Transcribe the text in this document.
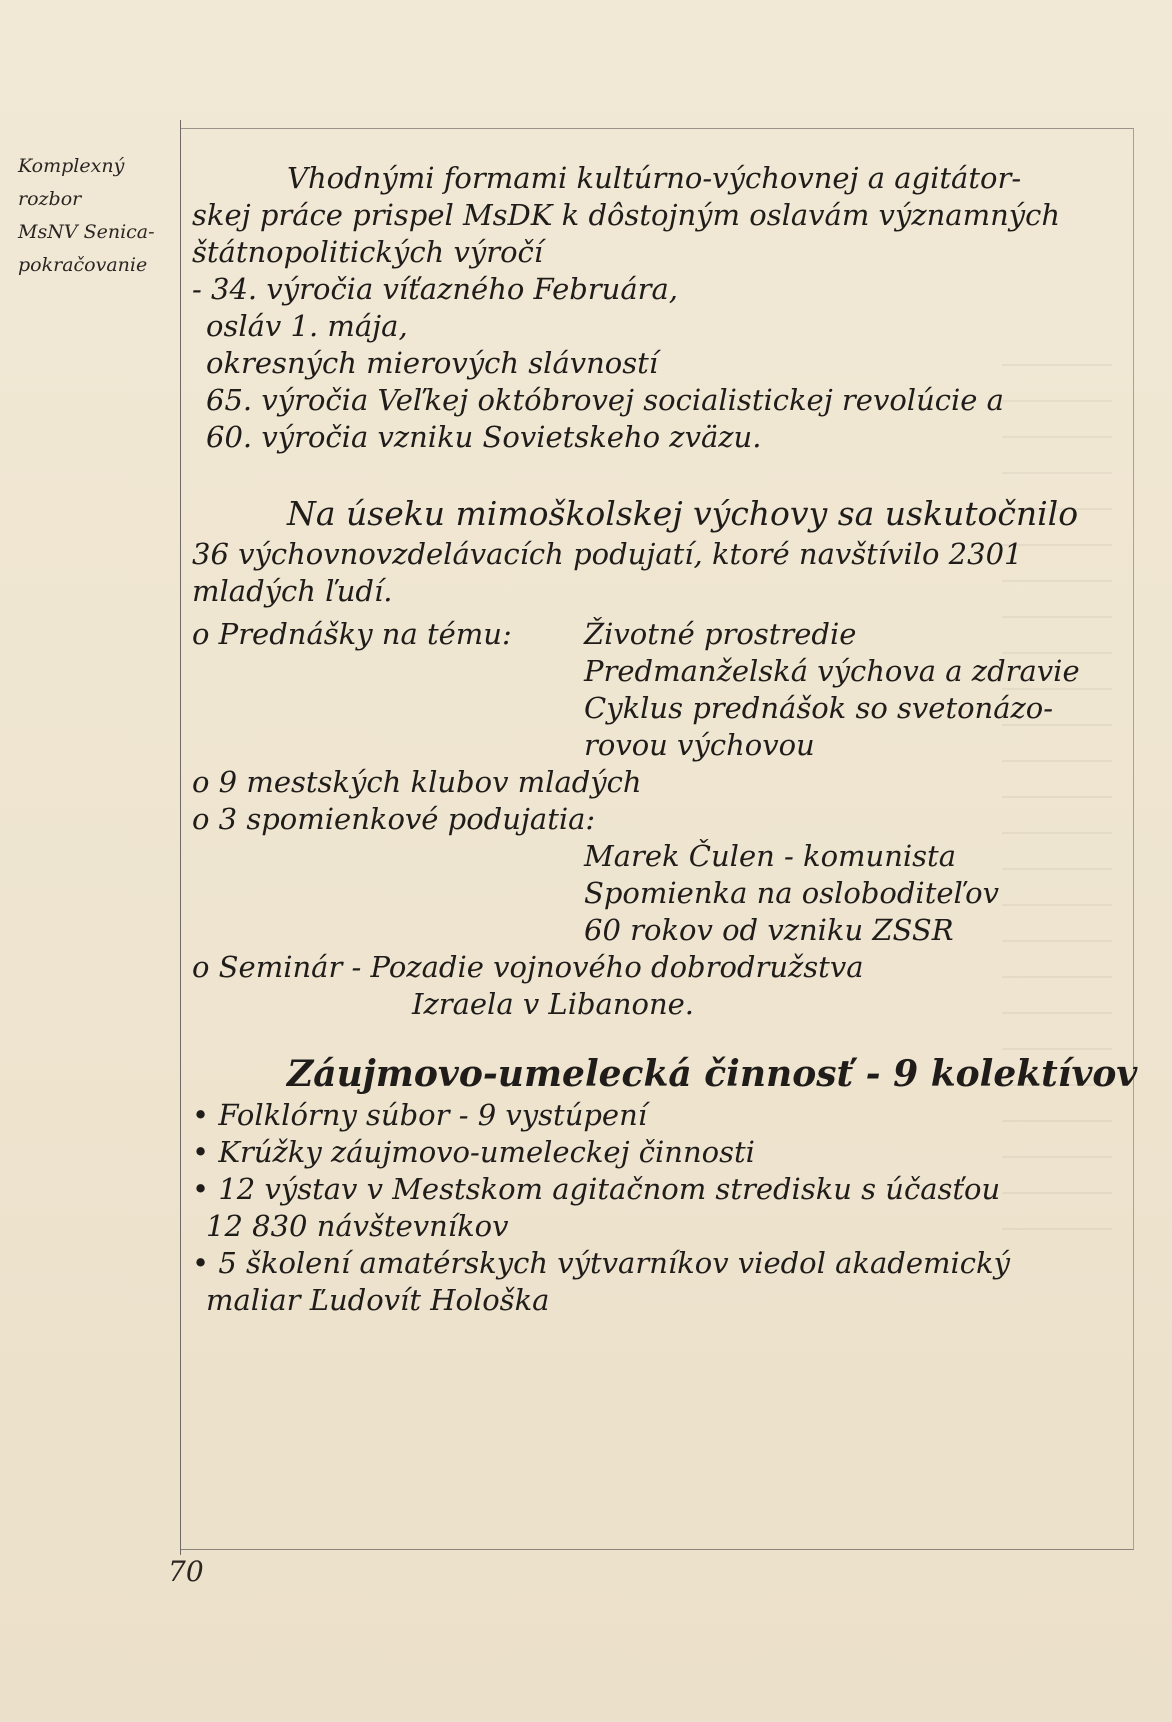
Komplexný
rozbor
MsNV Senica-
pokračovanie
Vhodnými formami kultúrno-výchovnej a agitátor-
skej práce prispel MsDK k dôstojným oslavám významných
štátnopolitických výročí
- 34. výročia víťazného Februára,
osláv 1. mája,
okresných mierových slávností
65. výročia Veľkej októbrovej socialistickej revolúcie a
60. výročia vzniku Sovietskeho zväzu.
Na úseku mimoškolskej výchovy sa uskutočnilo
36 výchovnovzdelávacích podujatí, ktoré navštívilo 2301
mladých ľudí.
o Prednášky na tému:	Životné prostredie
Predmanželská výchova a zdravie
Cyklus prednášok so svetonázo-
rovou výchovou
o 9 mestských klubov mladých
o 3 spomienkové podujatia:
Marek Čulen - komunista
Spomienka na osloboditeľov
60 rokov od vzniku ZSSR
o Seminár - Pozadie vojnového dobrodružstva
Izraela v Libanone.
Záujmovo-umelecká činnosť - 9 kolektívov
• Folklórny súbor - 9 vystúpení
• Krúžky záujmovo-umeleckej činnosti
• 12 výstav v Mestskom agitačnom stredisku s účasťou
12 830 návštevníkov
• 5 školení amatérskych výtvarníkov viedol akademický
maliar Ľudovít Hološka
70
